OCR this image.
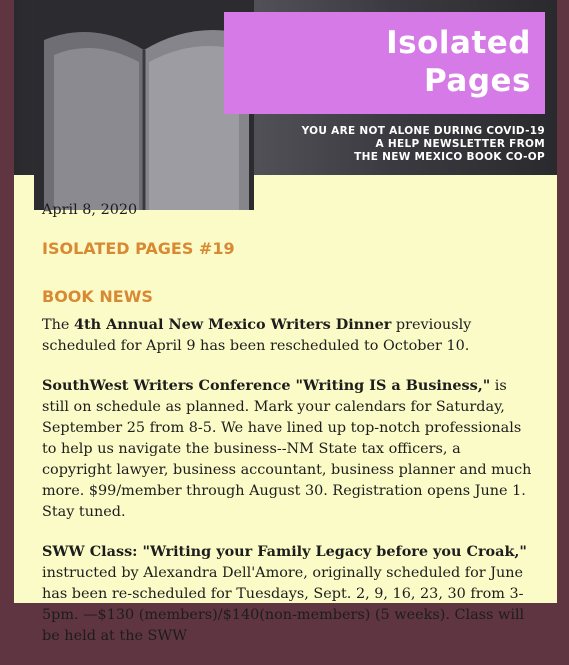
Isolated
Pages
YOU ARE NOT ALONE DURING COVID-19
A HELP NEWSLETTER FROM
THE NEW MEXICO BOOK CO-OP
April 8, 2020
ISOLATED PAGES #19
BOOK NEWS

The 4th Annual New Mexico Writers Dinner previously scheduled for April 9 has been rescheduled to October 10.

SouthWest Writers Conference "Writing IS a Business," is still on schedule as planned. Mark your calendars for Saturday, September 25 from 8-5. We have lined up top-notch professionals to help us navigate the business--NM State tax officers, a copyright lawyer, business accountant, business planner and much more. $99/member through August 30. Registration opens June 1. Stay tuned.

SWW Class: "Writing your Family Legacy before you Croak," instructed by Alexandra Dell'Amore, originally scheduled for June has been re-scheduled for Tuesdays, Sept. 2, 9, 16, 23, 30 from 3-5pm. —$130 (members)/$140(non-members) (5 weeks). Class will be held at the SWW
